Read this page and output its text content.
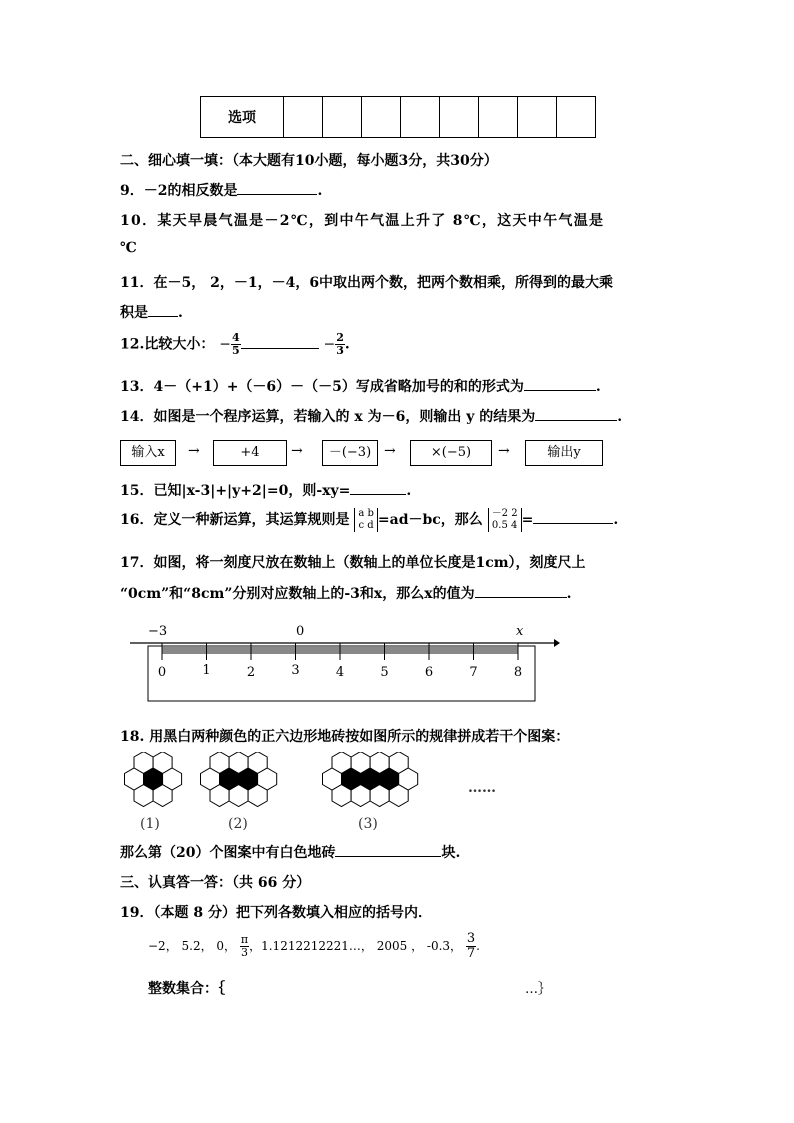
选项								
二、细心填一填：（本大题有10小题，每小题3分，共30分）
9．－2的相反数是	.
10．某天早晨气温是－2℃，到中午气温上升了 8℃，这天中午气温是
℃
11．在－5， 2，－1，－4，6中取出两个数，把两个数相乘，所得到的最大乘
积是 .
12.比较大小： − $\frac{4}{5}$	− $\frac{2}{3}$ .
13．4－（+1）+（－6）－（－5）写成省略加号的和的形式为	.
14．如图是一个程序运算，若输入的 x 为－6，则输出 y 的结果为	.
输入x	→	+4	→	－(−3) →	×(−5)	→	输出y
15．已知|x-3|+|y+2|=0，则-xy=	.
16．定义一种新运算，其运算规则是 a b
c d =ad－bc，那么 －2 2
0.5 4 =	.
17．如图，将一刻度尺放在数轴上（数轴上的单位长度是1cm），刻度尺上
“0cm”和“8cm”分别对应数轴上的-3和x，那么x的值为	.
−3	0	x
0	1	2	3	4	5	6	7	8
18. 用黑白两种颜色的正六边形地砖按如图所示的规律拼成若干个图案：
(1)	(2)	(3)
……
那么第（20）个图案中有白色地砖	块.
三、认真答一答：（共 66 分）
19．（本题 8 分）把下列各数填入相应的括号内．
−2， 5.2， 0， $\frac{\pi}{3}$ ，1.1212212221…， 2005 ， -0.3， $\frac{3}{7}$ .
整数集合：｛	…｝
